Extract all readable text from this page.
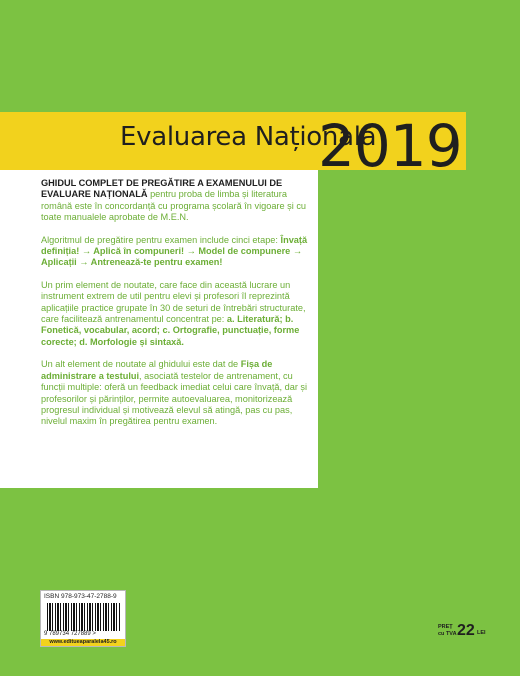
Evaluarea Națională
2019

GHIDUL COMPLET DE PREGĂTIRE A EXAMENULUI DE EVALUARE NAȚIONALĂ pentru proba de limba și literatura română este în concordanță cu programa școlară în vigoare și cu toate manualele aprobate de M.E.N.

Algoritmul de pregătire pentru examen include cinci etape: Învață definiția! → Aplică în compuneri! → Model de compunere → Aplicații → Antrenează-te pentru examen!

Un prim element de noutate, care face din această lucrare un instrument extrem de util pentru elevi și profesori îl reprezintă aplicațiile practice grupate în 30 de seturi de întrebări structurate, care facilitează antrenamentul concentrat pe: a. Literatură; b. Fonetică, vocabular, acord; c. Ortografie, punctuație, forme corecte; d. Morfologie și sintaxă.

Un alt element de noutate al ghidului este dat de Fișa de administrare a testului, asociată testelor de antrenament, cu funcții multiple: oferă un feedback imediat celui care învață, dar și profesorilor și părinților, permite autoevaluarea, monitorizează progresul individual și motivează elevul să atingă, pas cu pas, nivelul maxim în pregătirea pentru examen.

ISBN 978-973-47-2788-9
9 789734 727889 >
www.editueaparalela45.ro
PREȚ
cu TVA 22 LEI
